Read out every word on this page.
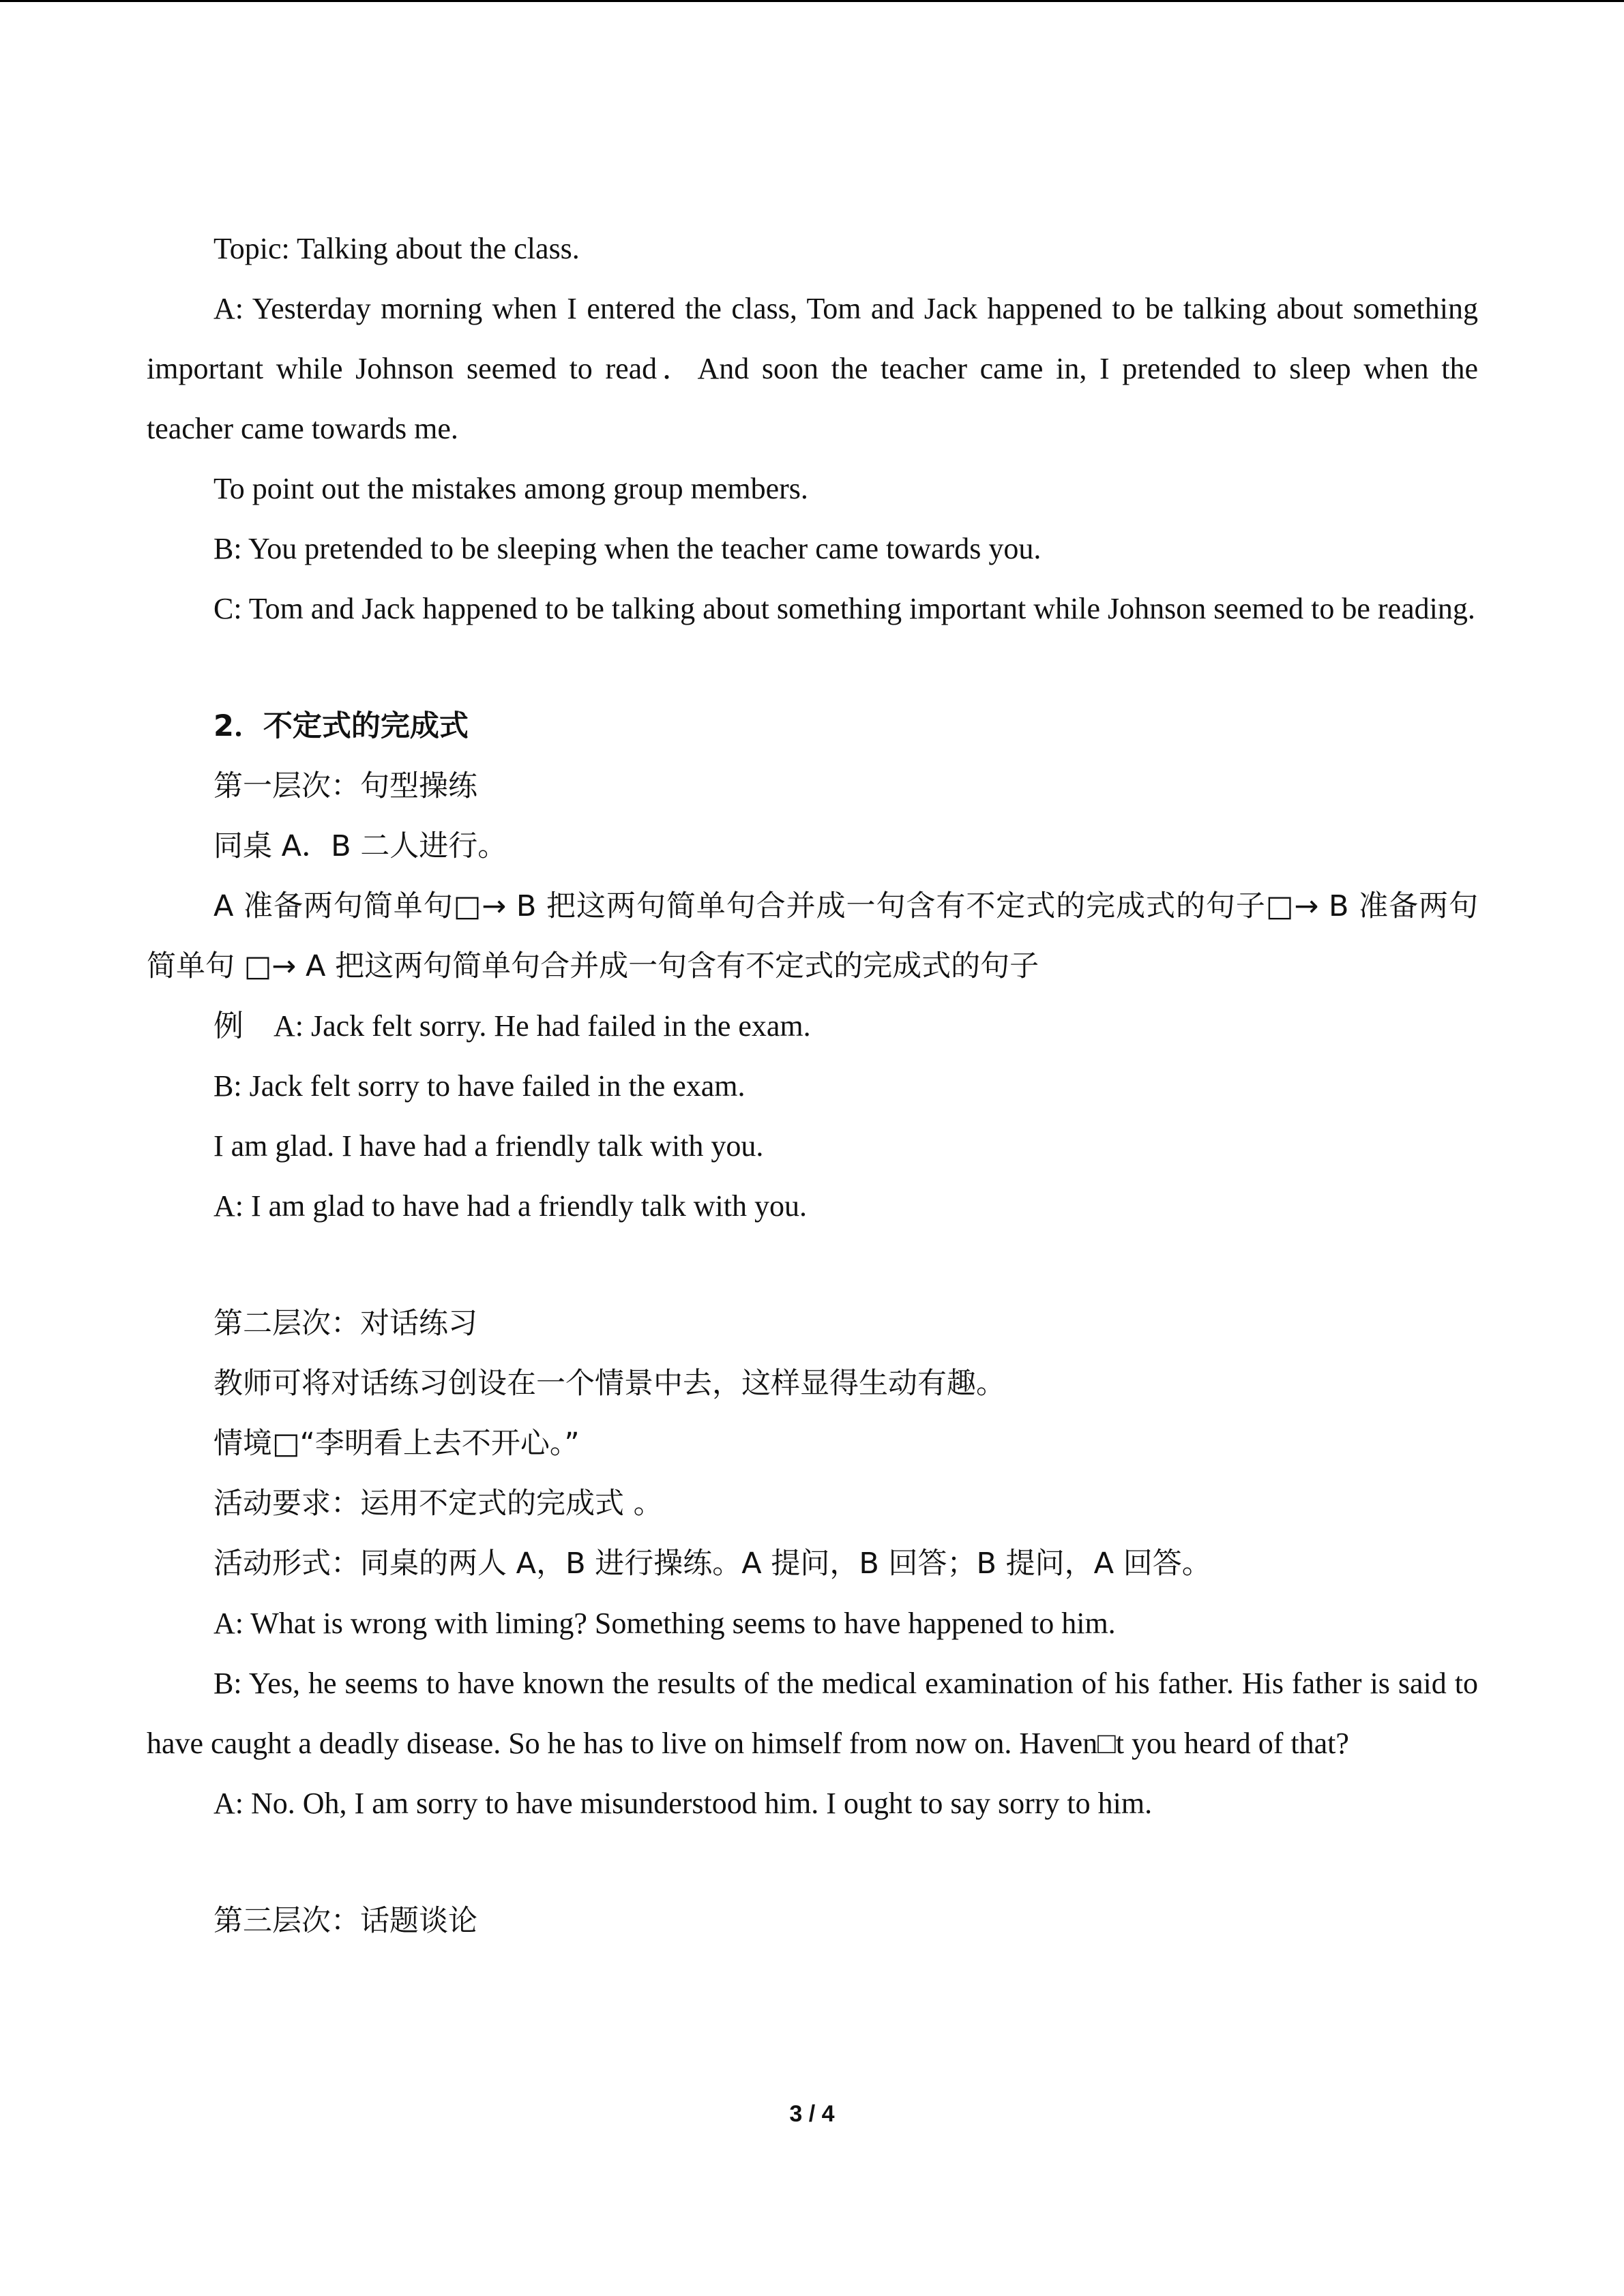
Topic: Talking about the class.

A: Yesterday morning when I entered the class, Tom and Jack happened to be talking about something important while Johnson seemed to read．And soon the teacher came in, I pretended to sleep when the teacher came towards me.

To point out the mistakes among group members.

B: You pretended to be sleeping when the teacher came towards you.

C: Tom and Jack happened to be talking about something important while Johnson seemed to be reading.

2．不定式的完成式

第一层次：句型操练

同桌 A．B 二人进行。

A 准备两句简单句□→ B 把这两句简单句合并成一句含有不定式的完成式的句子□→ B 准备两句简单句 □→ A 把这两句简单句合并成一句含有不定式的完成式的句子

例　A: Jack felt sorry. He had failed in the exam.

B: Jack felt sorry to have failed in the exam.

I am glad. I have had a friendly talk with you.

A: I am glad to have had a friendly talk with you.

第二层次：对话练习

教师可将对话练习创设在一个情景中去，这样显得生动有趣。

情境□“李明看上去不开心。”

活动要求：运用不定式的完成式 。

活动形式：同桌的两人 A，B 进行操练。A 提问，B 回答；B 提问，A 回答。

A: What is wrong with liming? Something seems to have happened to him.

B: Yes, he seems to have known the results of the medical examination of his father. His father is said to have caught a deadly disease. So he has to live on himself from now on. Haven□t you heard of that?

A: No. Oh, I am sorry to have misunderstood him. I ought to say sorry to him.

第三层次：话题谈论

3 / 4
